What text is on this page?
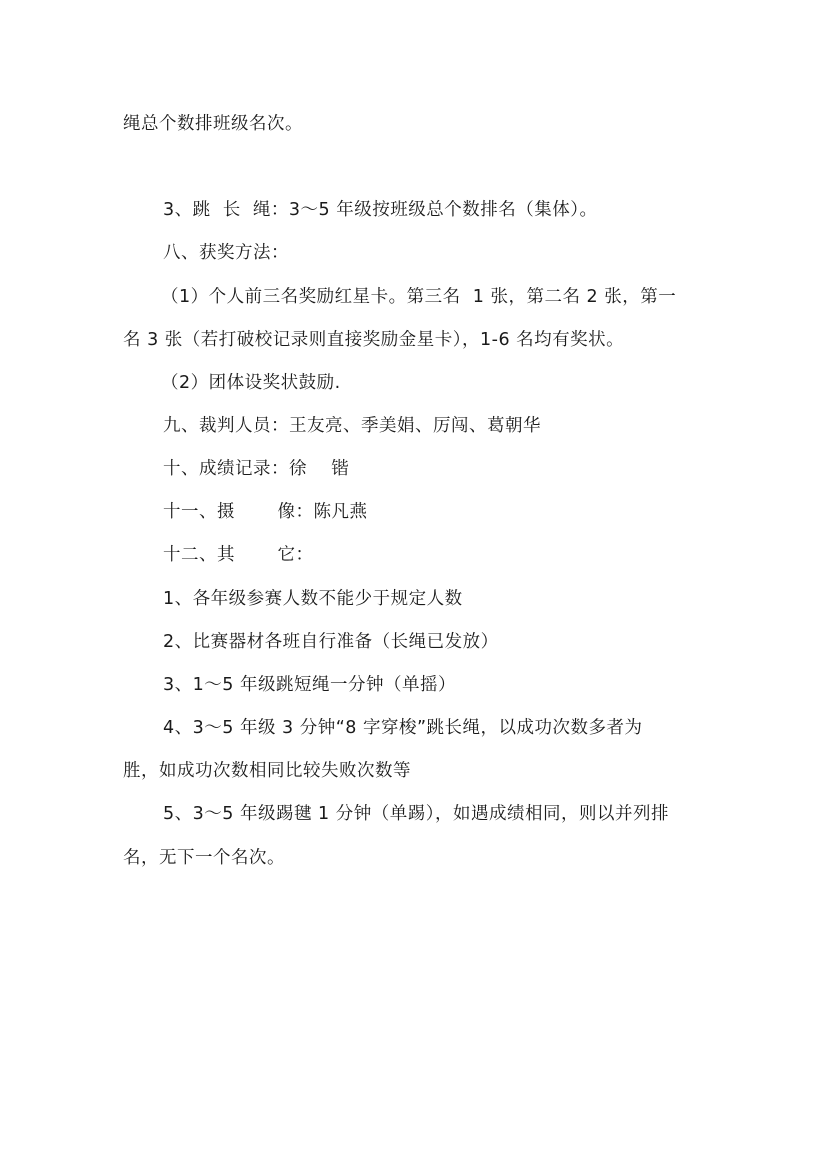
绳总个数排班级名次。
3、跳  长  绳：3～5 年级按班级总个数排名（集体）。
八、获奖方法：
（1）个人前三名奖励红星卡。第三名  1 张，第二名 2 张，第一
名 3 张（若打破校记录则直接奖励金星卡），1-6 名均有奖状。
（2）团体设奖状鼓励.
九、裁判人员：王友亮、季美娟、厉闯、葛朝华
十、成绩记录：徐    锴
十一、摄       像：陈凡燕
十二、其       它：
1、各年级参赛人数不能少于规定人数
2、比赛器材各班自行准备（长绳已发放）
3、1～5 年级跳短绳一分钟（单摇）
4、3～5 年级 3 分钟“8 字穿梭”跳长绳，以成功次数多者为
胜，如成功次数相同比较失败次数等
5、3～5 年级踢毽 1 分钟（单踢），如遇成绩相同，则以并列排
名，无下一个名次。
